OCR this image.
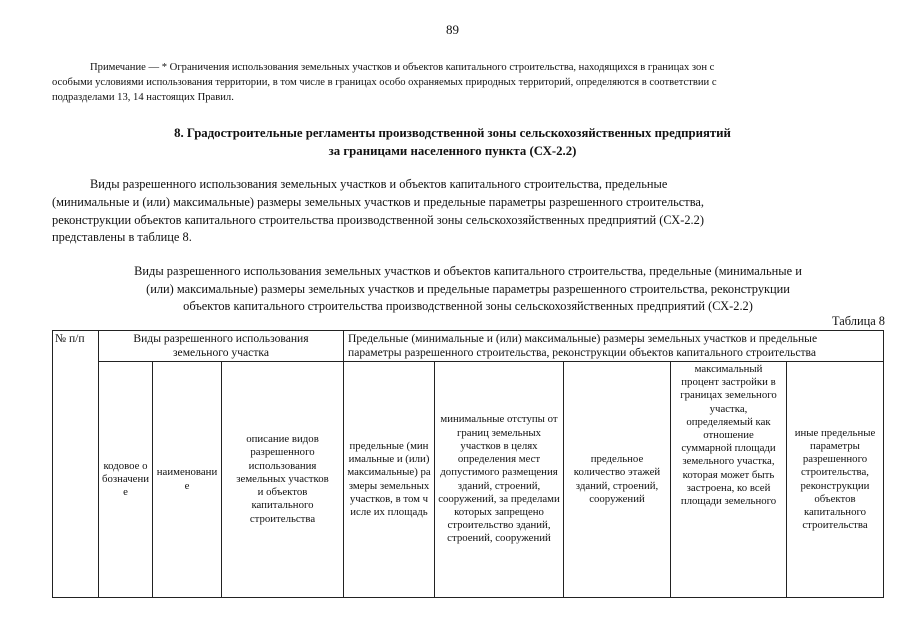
89
Примечание — * Ограничения использования земельных участков и объектов капитального строительства, находящихся в границах зон с
особыми условиями использования территории, в том числе в границах особо охраняемых природных территорий, определяются в соответствии с
подразделами 13, 14 настоящих Правил.
8. Градостроительные регламенты производственной зоны сельскохозяйственных предприятий
за границами населенного пункта (СХ-2.2)
Виды разрешенного использования земельных участков и объектов капитального строительства, предельные
(минимальные и (или) максимальные) размеры земельных участков и предельные параметры разрешенного строительства,
реконструкции объектов капитального строительства производственной зоны сельскохозяйственных предприятий (СХ-2.2)
представлены в таблице 8.
Виды разрешенного использования земельных участков и объектов капитального строительства, предельные (минимальные и
(или) максимальные) размеры земельных участков и предельные параметры разрешенного строительства, реконструкции
объектов капитального строительства производственной зоны сельскохозяйственных предприятий (СХ-2.2)
Таблица 8
№ п/п	Виды разрешенного использования
земельного участка
Предельные (минимальные и (или) максимальные) размеры земельных участков и предельные
параметры разрешенного строительства, реконструкции объектов капитального строительства
кодовое обозначение
наименование
описание видов разрешенного использования земельных участков и объектов капитального строительства
предельные (минимальные и (или) максимальные) размеры земельных участков, в том числе их площадь
минимальные отступы от границ земельных участков в целях определения мест допустимого размещения зданий, строений, сооружений, за пределами которых запрещено строительство зданий, строений, сооружений
предельное количество этажей зданий, строений, сооружений
максимальный процент застройки в границах земельного участка, определяемый как отношение суммарной площади земельного участка, которая может быть застроена, ко всей площади земельного
иные предельные параметры разрешенного строительства, реконструкции объектов капитального строительства
